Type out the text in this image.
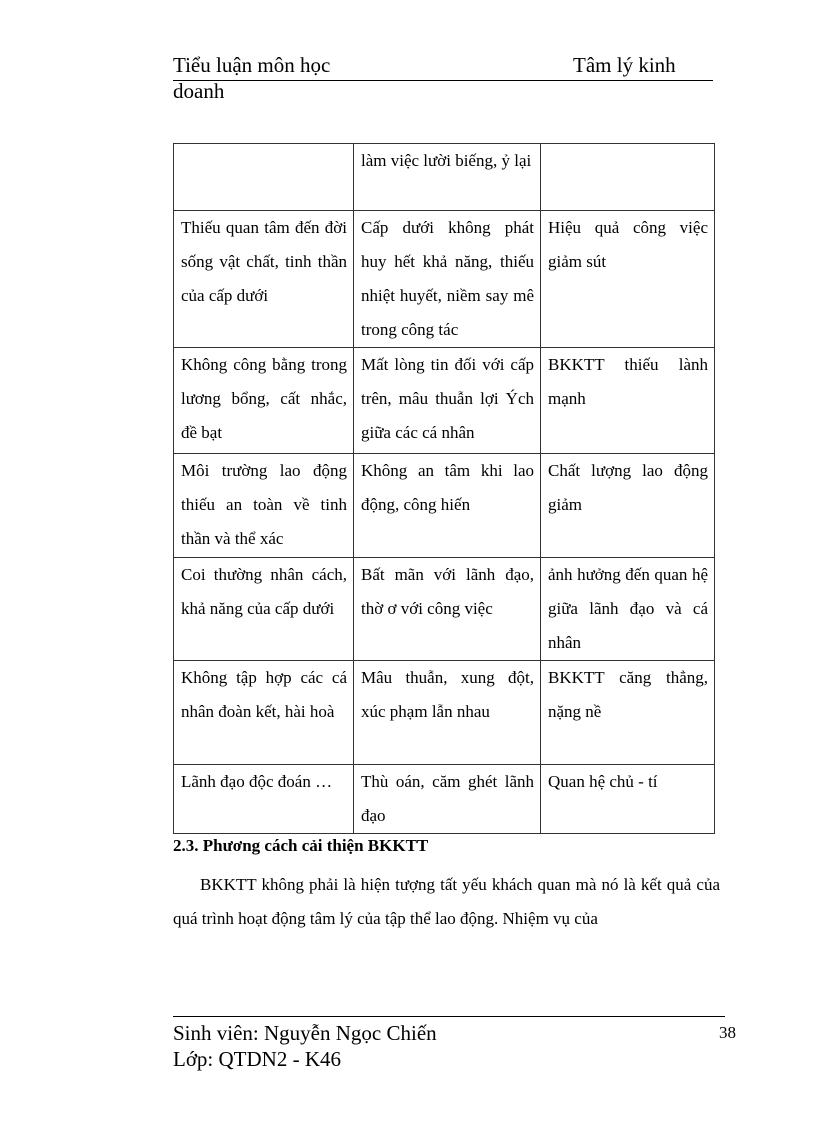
Tiểu luận môn học	Tâm lý kinh
doanh
	làm việc lười biếng, ỷ lại	
Thiếu quan tâm đến đời sống vật chất, tinh thần của cấp dưới	Cấp dưới không phát huy hết khả năng, thiếu nhiệt huyết, niềm say mê trong công tác	Hiệu quả công việc giảm sút
Không công bằng trong lương bổng, cất nhắc, đề bạt	Mất lòng tin đối với cấp trên, mâu thuẫn lợi Ých giữa các cá nhân	BKKTT thiếu lành mạnh
Môi trường lao động thiếu an toàn về tinh thần và thể xác	Không an tâm khi lao động, công hiến	Chất lượng lao động giảm
Coi thường nhân cách, khả năng của cấp dưới	Bất mãn với lãnh đạo, thờ ơ với công việc	ảnh hưởng đến quan hệ giữa lãnh đạo và cá nhân
Không tập hợp các cá nhân đoàn kết, hài hoà	Mâu thuẫn, xung đột, xúc phạm lẫn nhau	BKKTT căng thẳng, nặng nề
Lãnh đạo độc đoán …	Thù oán, căm ghét lãnh đạo	Quan hệ chủ - tí
2.3. Phương cách cải thiện BKKTT
BKKTT không phải là hiện tượng tất yếu khách quan mà nó là kết quả của quá trình hoạt động tâm lý của tập thể lao động. Nhiệm vụ của
Sinh viên: Nguyễn Ngọc Chiến
Lớp: QTDN2 - K46
38
